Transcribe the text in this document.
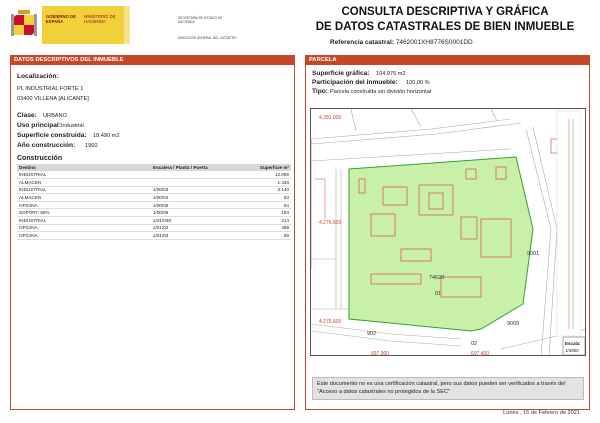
GOBIERNO DE ESPAÑA
MINISTERIO DE HACIENDA
SECRETARÍA DE ESTADO DE HACIENDA
DIRECCIÓN GENERAL DEL CATASTRO
CONSULTA DESCRIPTIVA Y GRÁFICA
DE DATOS CATASTRALES DE BIEN INMUEBLE
Referencia catastral: 7462001XH8776S0001DD
DATOS DESCRIPTIVOS DEL INMUEBLE
Localización:
PL INDUSTRIAL FORTE 1
03400 VILLENA [ALICANTE]
Clase: URBANO
Uso principal: Industrial
Superficie construida: 18.490 m2
Año construcción: 1960
Construcción
Destino	Escalera / Planta / Puerta	Superficie m²
INDUSTRIAL		12.059
ALMACEN		1.430
INDUSTRIAL	1/00/03	3.140
ALMACEN	1/00/04	53
OFICINA	1/00/05	54
SOPORT. 50%	1/00/06	193
INDUSTRIAL	1/01/038	214
OFICINA	1/01/02	489
OFICINA	1/01/03	59
PARCELA
Superficie gráfica: 104.976 m2
Participación del inmueble: 100,00 %
Tipo: Parcela construida sin división horizontal
4.281.000
4.276.600
4.276.600
697.900	697.400
74620
01
9001
9009
02
902
Escala:
1/4000
Este documento no es una certificación catastral, pero sus datos pueden ser verificados a través del "Acceso a datos catastrales no protegidos de la SEC"
Lunes , 15 de Febrero de 2021
